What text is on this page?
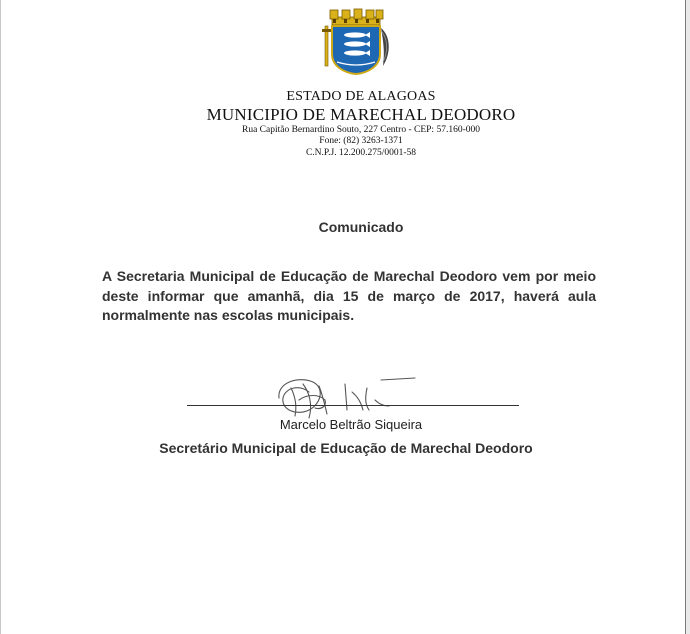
ESTADO DE ALAGOAS
MUNICIPIO DE MARECHAL DEODORO
Rua Capitão Bernardino Souto, 227 Centro - CEP: 57.160-000
Fone: (82) 3263-1371
C.N.P.J. 12.200.275/0001-58
Comunicado
A Secretaria Municipal de Educação de Marechal Deodoro vem por meio deste informar que amanhã, dia 15 de março de 2017, haverá aula normalmente nas escolas municipais.
Marcelo Beltrão Siqueira
Secretário Municipal de Educação de Marechal Deodoro
